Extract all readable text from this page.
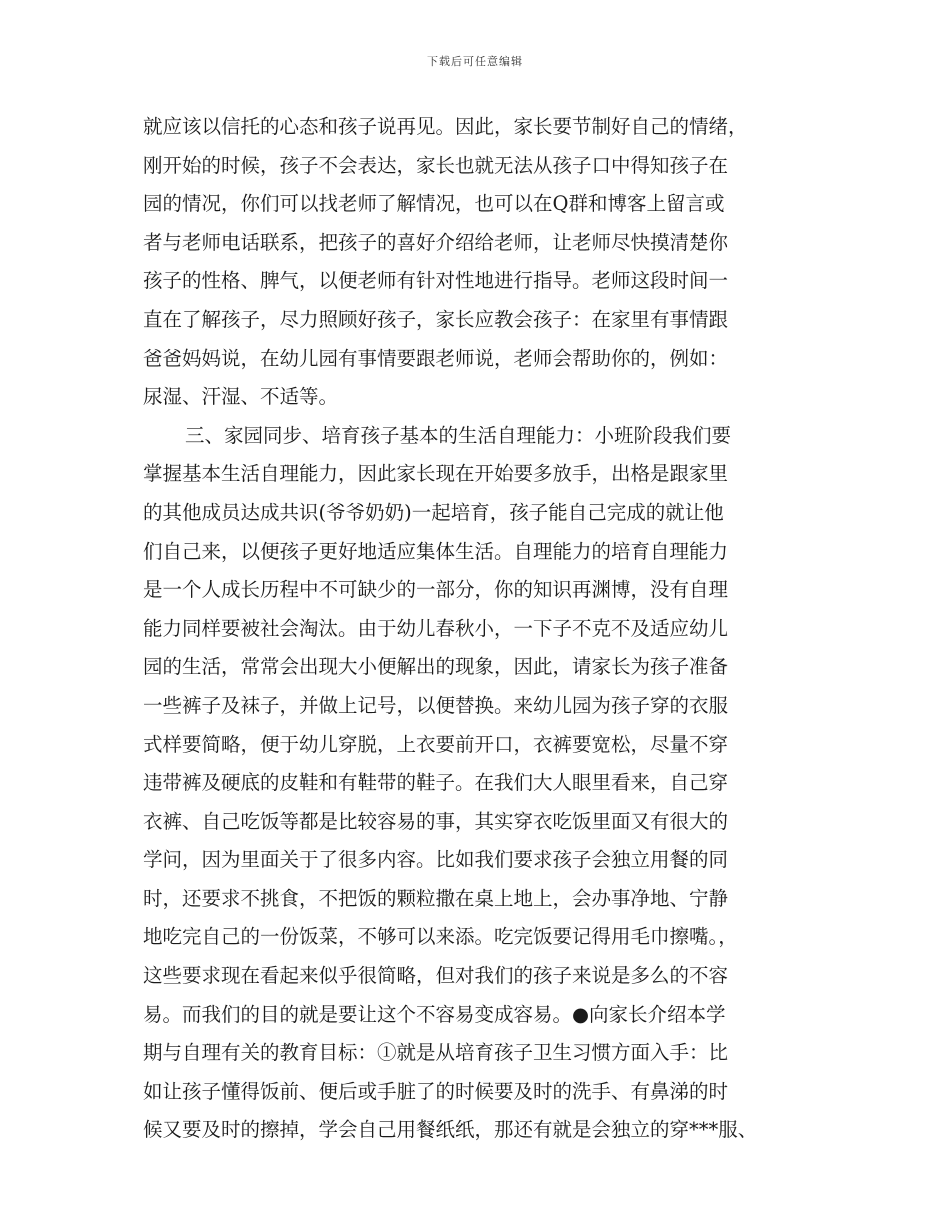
下载后可任意编辑
就应该以信托的心态和孩子说再见。因此，家长要节制好自己的情绪，
刚开始的时候，孩子不会表达，家长也就无法从孩子口中得知孩子在
园的情况，你们可以找老师了解情况，也可以在Q群和博客上留言或
者与老师电话联系，把孩子的喜好介绍给老师，让老师尽快摸清楚你
孩子的性格、脾气，以便老师有针对性地进行指导。老师这段时间一
直在了解孩子，尽力照顾好孩子，家长应教会孩子：在家里有事情跟
爸爸妈妈说，在幼儿园有事情要跟老师说，老师会帮助你的，例如：
尿湿、汗湿、不适等。
三、家园同步、培育孩子基本的生活自理能力：小班阶段我们要
掌握基本生活自理能力，因此家长现在开始要多放手，出格是跟家里
的其他成员达成共识(爷爷奶奶)一起培育，孩子能自己完成的就让他
们自己来，以便孩子更好地适应集体生活。自理能力的培育自理能力
是一个人成长历程中不可缺少的一部分，你的知识再渊博，没有自理
能力同样要被社会淘汰。由于幼儿春秋小，一下子不克不及适应幼儿
园的生活，常常会出现大小便解出的现象，因此，请家长为孩子准备
一些裤子及袜子，并做上记号，以便替换。来幼儿园为孩子穿的衣服
式样要简略，便于幼儿穿脱，上衣要前开口，衣裤要宽松，尽量不穿
违带裤及硬底的皮鞋和有鞋带的鞋子。在我们大人眼里看来，自己穿
衣裤、自己吃饭等都是比较容易的事，其实穿衣吃饭里面又有很大的
学问，因为里面关于了很多内容。比如我们要求孩子会独立用餐的同
时，还要求不挑食，不把饭的颗粒撒在桌上地上，会办事净地、宁静
地吃完自己的一份饭菜，不够可以来添。吃完饭要记得用毛巾擦嘴。，
这些要求现在看起来似乎很简略，但对我们的孩子来说是多么的不容
易。而我们的目的就是要让这个不容易变成容易。●向家长介绍本学
期与自理有关的教育目标：①就是从培育孩子卫生习惯方面入手：比
如让孩子懂得饭前、便后或手脏了的时候要及时的洗手、有鼻涕的时
候又要及时的擦掉，学会自己用餐纸纸，那还有就是会独立的穿***服、
